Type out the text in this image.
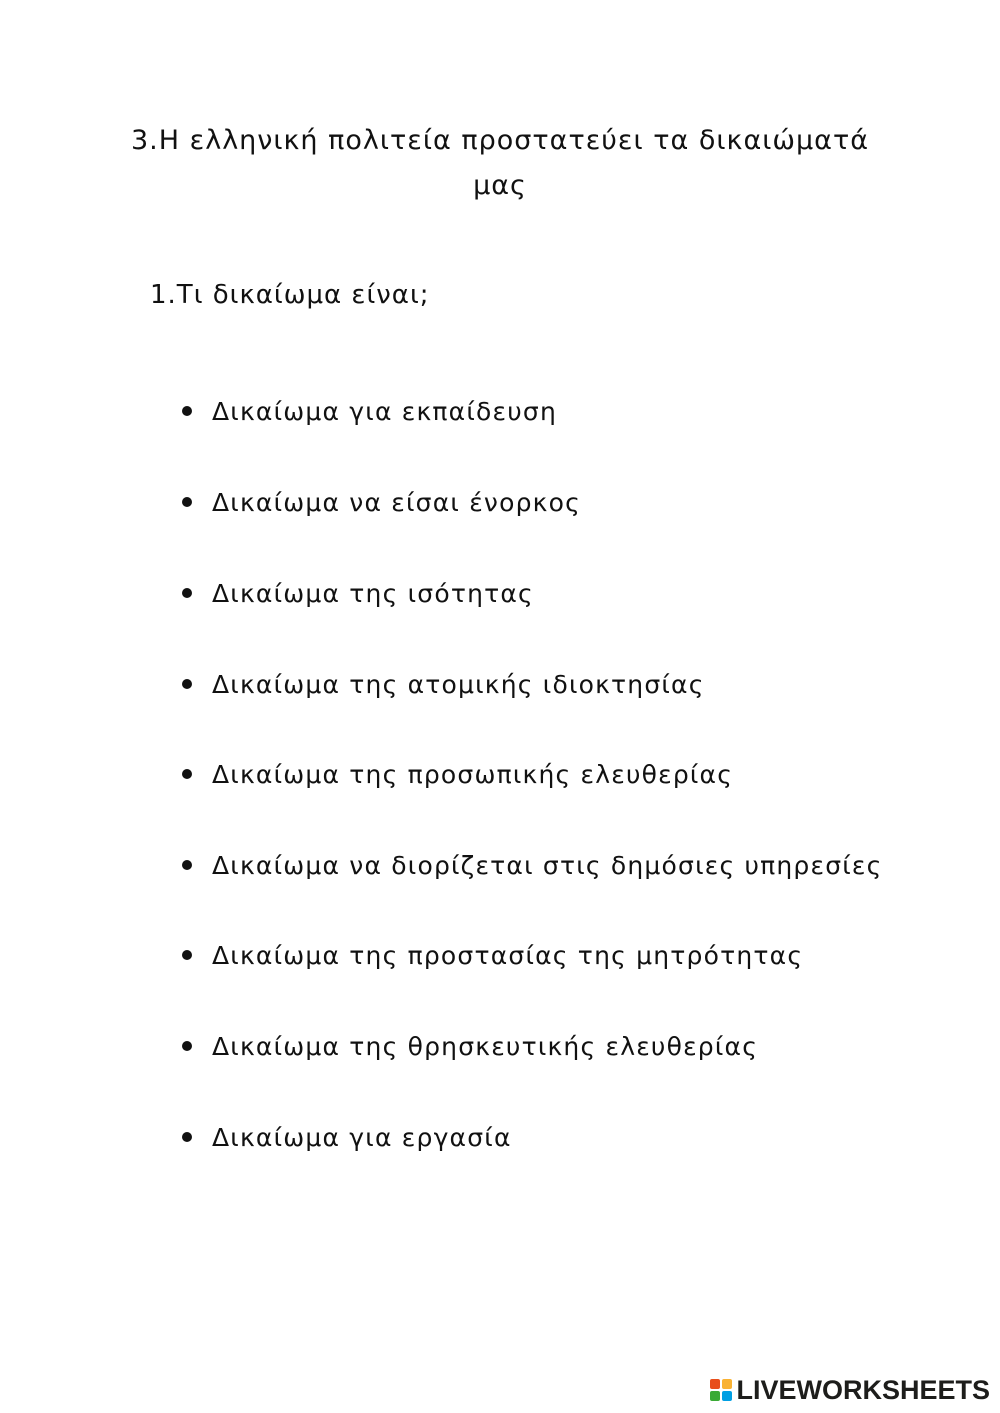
3.Η ελληνική πολιτεία προστατεύει τα δικαιώματά
μας

1.Τι δικαίωμα είναι;

Δικαίωμα για εκπαίδευση
Δικαίωμα να είσαι ένορκος
Δικαίωμα της ισότητας
Δικαίωμα της ατομικής ιδιοκτησίας
Δικαίωμα της προσωπικής ελευθερίας
Δικαίωμα να διορίζεται στις δημόσιες υπηρεσίες
Δικαίωμα της προστασίας της μητρότητας
Δικαίωμα της θρησκευτικής ελευθερίας
Δικαίωμα για εργασία
LIVEWORKSHEETS
